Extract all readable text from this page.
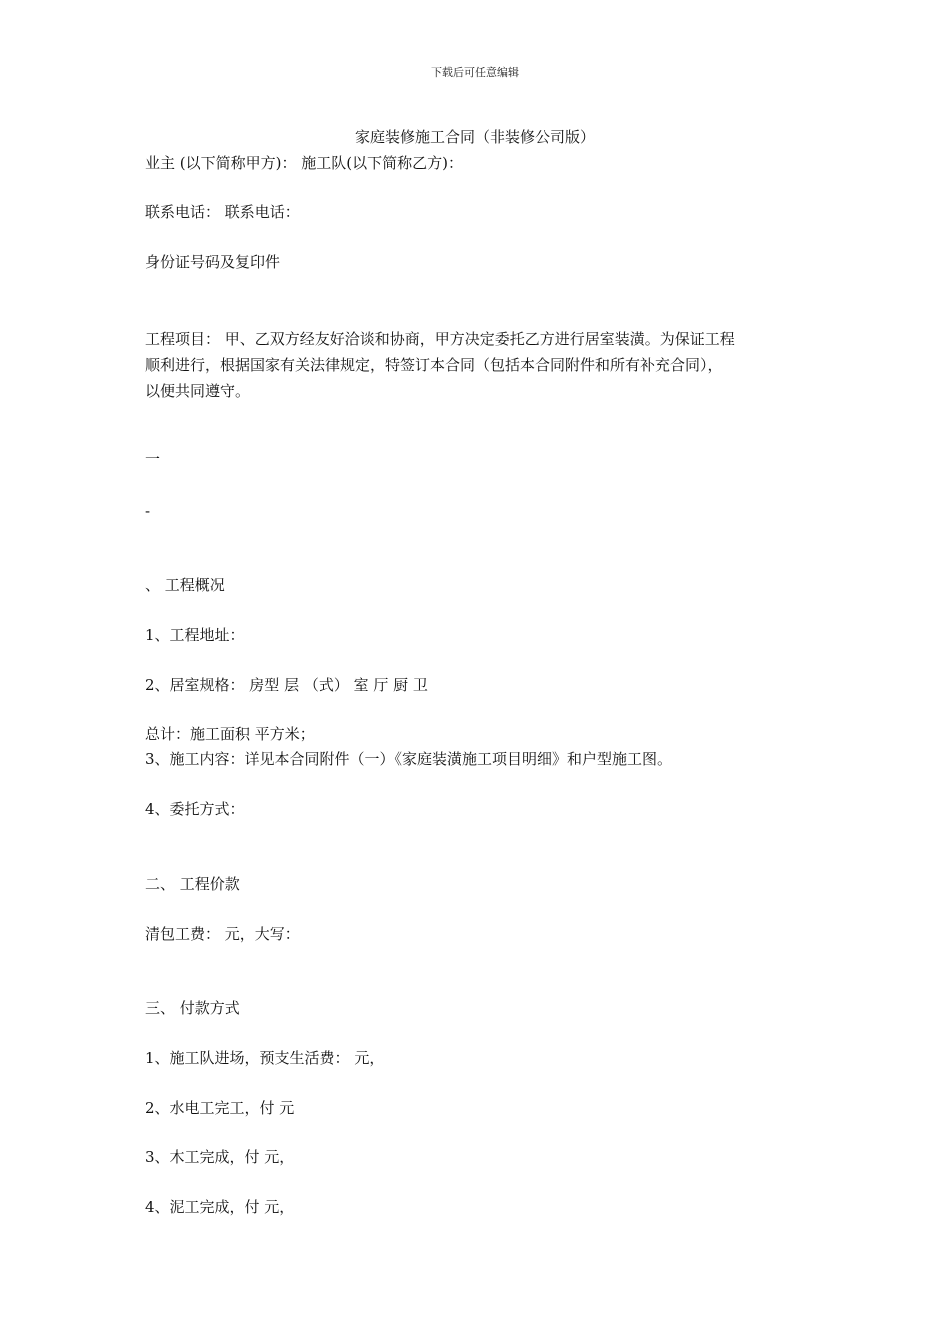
下载后可任意编辑
家庭装修施工合同（非装修公司版）
业主 (以下简称甲方)： 施工队(以下简称乙方)：
联系电话： 联系电话：
身份证号码及复印件
工程项目： 甲、乙双方经友好洽谈和协商，甲方决定委托乙方进行居室装潢。为保证工程
顺利进行，根据国家有关法律规定，特签订本合同（包括本合同附件和所有补充合同），
以便共同遵守。
一
-
、 工程概况
1、工程地址：
2、居室规格： 房型 层 （式） 室 厅 厨 卫
总计：施工面积 平方米；
3、施工内容：详见本合同附件（一）《家庭装潢施工项目明细》和户型施工图。
4、委托方式：
二、 工程价款
清包工费： 元，大写：
三、 付款方式
1、施工队进场，预支生活费： 元，
2、水电工完工，付 元
3、木工完成，付 元，
4、泥工完成，付 元，
